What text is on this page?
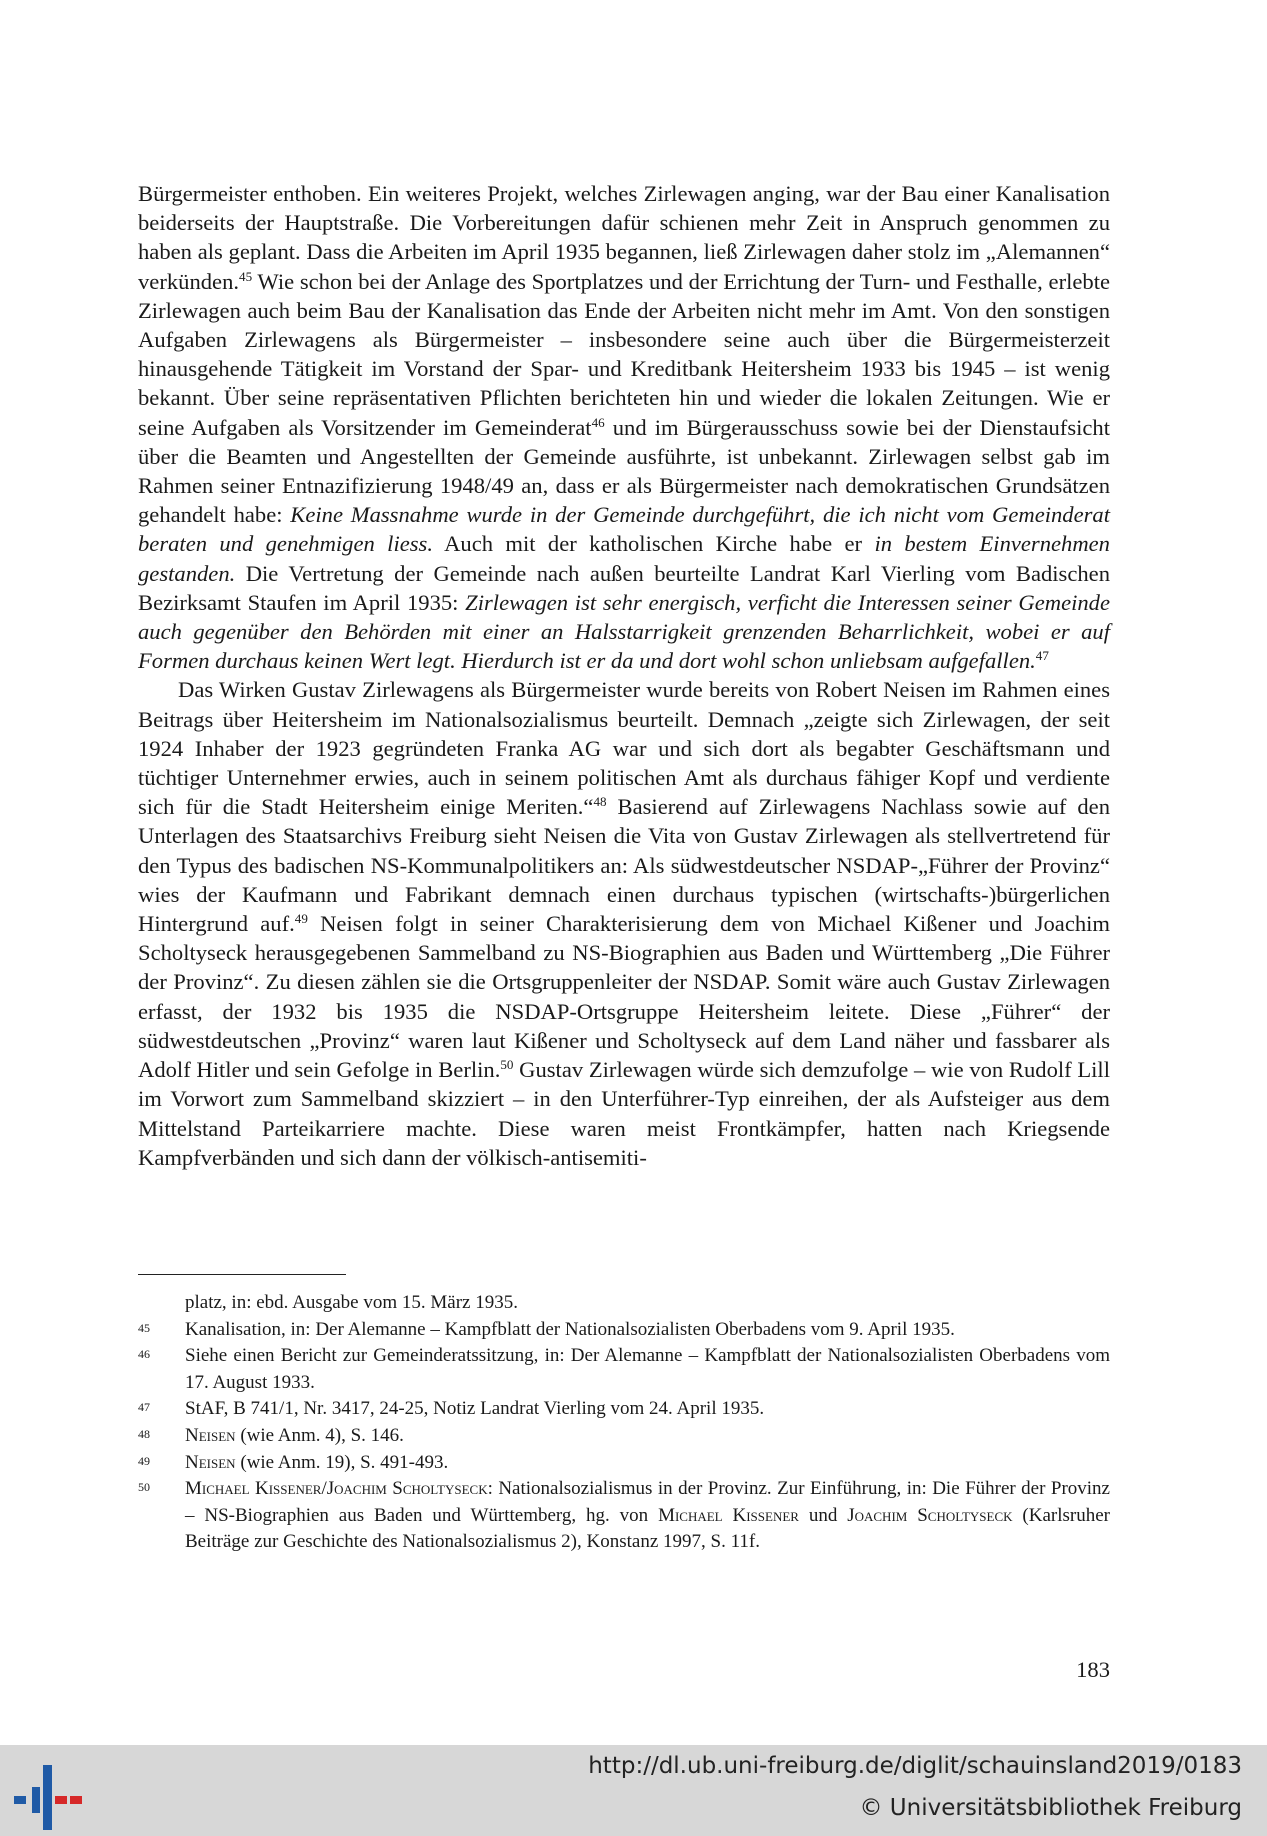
Bürgermeister enthoben. Ein weiteres Projekt, welches Zirlewagen anging, war der Bau einer Kanalisation beiderseits der Hauptstraße. Die Vorbereitungen dafür schienen mehr Zeit in Anspruch genommen zu haben als geplant. Dass die Arbeiten im April 1935 begannen, ließ Zirlewagen daher stolz im „Alemannen“ verkünden.$^{45}$ Wie schon bei der Anlage des Sportplatzes und der Errichtung der Turn- und Festhalle, erlebte Zirlewagen auch beim Bau der Kanalisation das Ende der Arbeiten nicht mehr im Amt. Von den sonstigen Aufgaben Zirlewagens als Bürgermeister – insbesondere seine auch über die Bürgermeisterzeit hinausgehende Tätigkeit im Vorstand der Spar- und Kreditbank Heitersheim 1933 bis 1945 – ist wenig bekannt. Über seine repräsentativen Pflichten berichteten hin und wieder die lokalen Zeitungen. Wie er seine Aufgaben als Vorsitzender im Gemeinderat$^{46}$ und im Bürgerausschuss sowie bei der Dienstaufsicht über die Beamten und Angestellten der Gemeinde ausführte, ist unbekannt. Zirlewagen selbst gab im Rahmen seiner Entnazifizierung 1948/49 an, dass er als Bürgermeister nach demokratischen Grundsätzen gehandelt habe: Keine Massnahme wurde in der Gemeinde durchgeführt, die ich nicht vom Gemeinderat beraten und genehmigen liess. Auch mit der katholischen Kirche habe er in bestem Einvernehmen gestanden. Die Vertretung der Gemeinde nach außen beurteilte Landrat Karl Vierling vom Badischen Bezirksamt Staufen im April 1935: Zirlewagen ist sehr energisch, verficht die Interessen seiner Gemeinde auch gegenüber den Behörden mit einer an Halsstarrigkeit grenzenden Beharrlichkeit, wobei er auf Formen durchaus keinen Wert legt. Hierdurch ist er da und dort wohl schon unliebsam aufgefallen.$^{47}$

Das Wirken Gustav Zirlewagens als Bürgermeister wurde bereits von Robert Neisen im Rahmen eines Beitrags über Heitersheim im Nationalsozialismus beurteilt. Demnach „zeigte sich Zirlewagen, der seit 1924 Inhaber der 1923 gegründeten Franka AG war und sich dort als begabter Geschäftsmann und tüchtiger Unternehmer erwies, auch in seinem politischen Amt als durchaus fähiger Kopf und verdiente sich für die Stadt Heitersheim einige Meriten.“$^{48}$ Basierend auf Zirlewagens Nachlass sowie auf den Unterlagen des Staatsarchivs Freiburg sieht Neisen die Vita von Gustav Zirlewagen als stellvertretend für den Typus des badischen NS-Kommunalpolitikers an: Als südwestdeutscher NSDAP-„Führer der Provinz“ wies der Kaufmann und Fabrikant demnach einen durchaus typischen (wirtschafts-)bürgerlichen Hintergrund auf.$^{49}$ Neisen folgt in seiner Charakterisierung dem von Michael Kißener und Joachim Scholtyseck herausgegebenen Sammelband zu NS-Biographien aus Baden und Württemberg „Die Führer der Provinz“. Zu diesen zählen sie die Ortsgruppenleiter der NSDAP. Somit wäre auch Gustav Zirlewagen erfasst, der 1932 bis 1935 die NSDAP-Ortsgruppe Heitersheim leitete. Diese „Führer“ der südwestdeutschen „Provinz“ waren laut Kißener und Scholtyseck auf dem Land näher und fassbarer als Adolf Hitler und sein Gefolge in Berlin.$^{50}$ Gustav Zirlewagen würde sich demzufolge – wie von Rudolf Lill im Vorwort zum Sammelband skizziert – in den Unterführer-Typ einreihen, der als Aufsteiger aus dem Mittelstand Parteikarriere machte. Diese waren meist Frontkämpfer, hatten nach Kriegsende Kampfverbänden und sich dann der völkisch-antisemiti-

platz, in: ebd. Ausgabe vom 15. März 1935.
45	Kanalisation, in: Der Alemanne – Kampfblatt der Nationalsozialisten Oberbadens vom 9. April 1935.
46	Siehe einen Bericht zur Gemeinderatssitzung, in: Der Alemanne – Kampfblatt der Nationalsozialisten Oberbadens vom 17. August 1933.
47	StAF, B 741/1, Nr. 3417, 24-25, Notiz Landrat Vierling vom 24. April 1935.
48	Neisen (wie Anm. 4), S. 146.
49	Neisen (wie Anm. 19), S. 491-493.
50	Michael Kissener/Joachim Scholtyseck: Nationalsozialismus in der Provinz. Zur Einführung, in: Die Führer der Provinz – NS-Biographien aus Baden und Württemberg, hg. von Michael Kissener und Joachim Scholtyseck (Karlsruher Beiträge zur Geschichte des Nationalsozialismus 2), Konstanz 1997, S. 11f.
183
http://dl.ub.uni-freiburg.de/diglit/schauinsland2019/0183
© Universitätsbibliothek Freiburg
